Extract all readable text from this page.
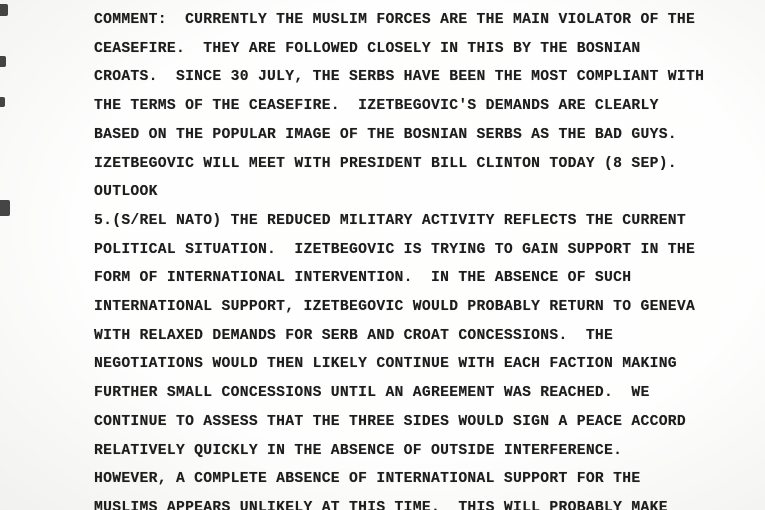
COMMENT:  CURRENTLY THE MUSLIM FORCES ARE THE MAIN VIOLATOR OF THE
CEASEFIRE.  THEY ARE FOLLOWED CLOSELY IN THIS BY THE BOSNIAN
CROATS.  SINCE 30 JULY, THE SERBS HAVE BEEN THE MOST COMPLIANT WITH
THE TERMS OF THE CEASEFIRE.  IZETBEGOVIC'S DEMANDS ARE CLEARLY
BASED ON THE POPULAR IMAGE OF THE BOSNIAN SERBS AS THE BAD GUYS.
IZETBEGOVIC WILL MEET WITH PRESIDENT BILL CLINTON TODAY (8 SEP).
OUTLOOK
5.(S/REL NATO) THE REDUCED MILITARY ACTIVITY REFLECTS THE CURRENT
POLITICAL SITUATION.  IZETBEGOVIC IS TRYING TO GAIN SUPPORT IN THE
FORM OF INTERNATIONAL INTERVENTION.  IN THE ABSENCE OF SUCH
INTERNATIONAL SUPPORT, IZETBEGOVIC WOULD PROBABLY RETURN TO GENEVA
WITH RELAXED DEMANDS FOR SERB AND CROAT CONCESSIONS.  THE
NEGOTIATIONS WOULD THEN LIKELY CONTINUE WITH EACH FACTION MAKING
FURTHER SMALL CONCESSIONS UNTIL AN AGREEMENT WAS REACHED.  WE
CONTINUE TO ASSESS THAT THE THREE SIDES WOULD SIGN A PEACE ACCORD
RELATIVELY QUICKLY IN THE ABSENCE OF OUTSIDE INTERFERENCE.
HOWEVER, A COMPLETE ABSENCE OF INTERNATIONAL SUPPORT FOR THE
MUSLIMS APPEARS UNLIKELY AT THIS TIME.  THIS WILL PROBABLY MAKE
